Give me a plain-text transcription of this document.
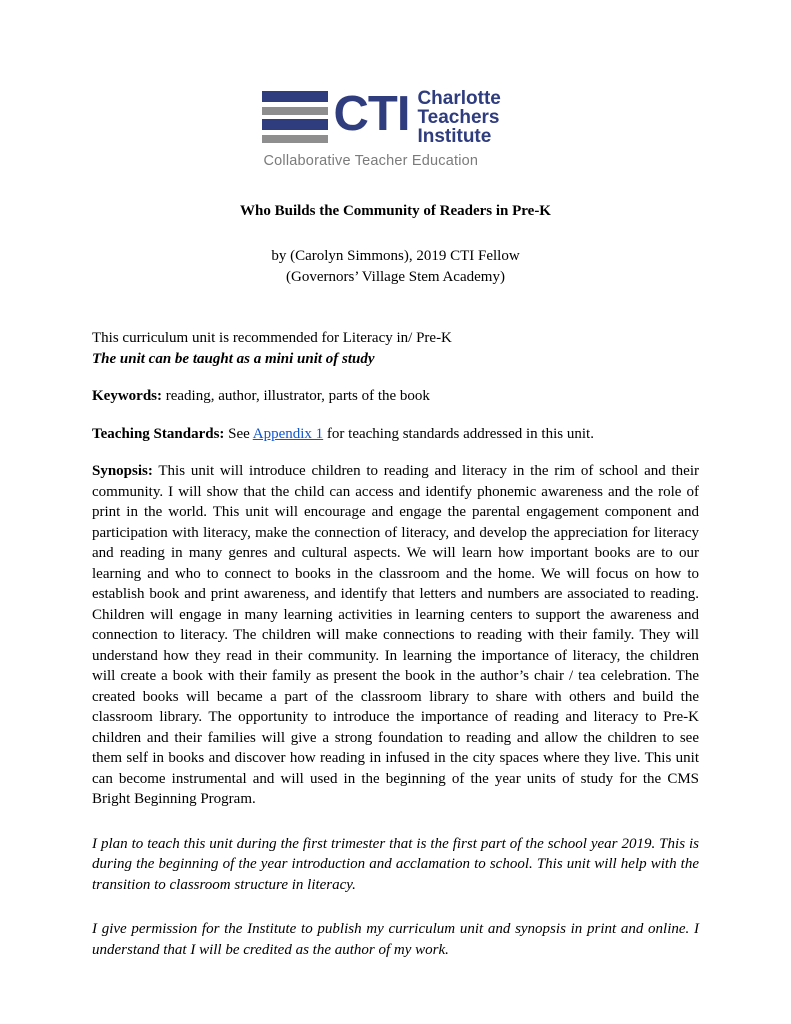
CTI Charlotte
Teachers
Institute
Collaborative Teacher Education
Who Builds the Community of Readers in Pre-K
by (Carolyn Simmons), 2019 CTI Fellow
(Governors’ Village Stem Academy)

This curriculum unit is recommended for Literacy in/ Pre-K
The unit can be taught as a mini unit of study

Keywords: reading, author, illustrator, parts of the book

Teaching Standards: See Appendix 1 for teaching standards addressed in this unit.

Synopsis: This unit will introduce children to reading and literacy in the rim of school and their community. I will show that the child can access and identify phonemic awareness and the role of print in the world. This unit will encourage and engage the parental engagement component and participation with literacy, make the connection of literacy, and develop the appreciation for literacy and reading in many genres and cultural aspects. We will learn how important books are to our learning and who to connect to books in the classroom and the home. We will focus on how to establish book and print awareness, and identify that letters and numbers are associated to reading. Children will engage in many learning activities in learning centers to support the awareness and connection to literacy. The children will make connections to reading with their family. They will understand how they read in their community. In learning the importance of literacy, the children will create a book with their family as present the book in the author’s chair / tea celebration. The created books will became a part of the classroom library to share with others and build the classroom library. The opportunity to introduce the importance of reading and literacy to Pre-K children and their families will give a strong foundation to reading and allow the children to see them self in books and discover how reading in infused in the city spaces where they live. This unit can become instrumental and will used in the beginning of the year units of study for the CMS Bright Beginning Program.

I plan to teach this unit during the first trimester that is the first part of the school year 2019. This is during the beginning of the year introduction and acclamation to school. This unit will help with the transition to classroom structure in literacy.

I give permission for the Institute to publish my curriculum unit and synopsis in print and online. I understand that I will be credited as the author of my work.
